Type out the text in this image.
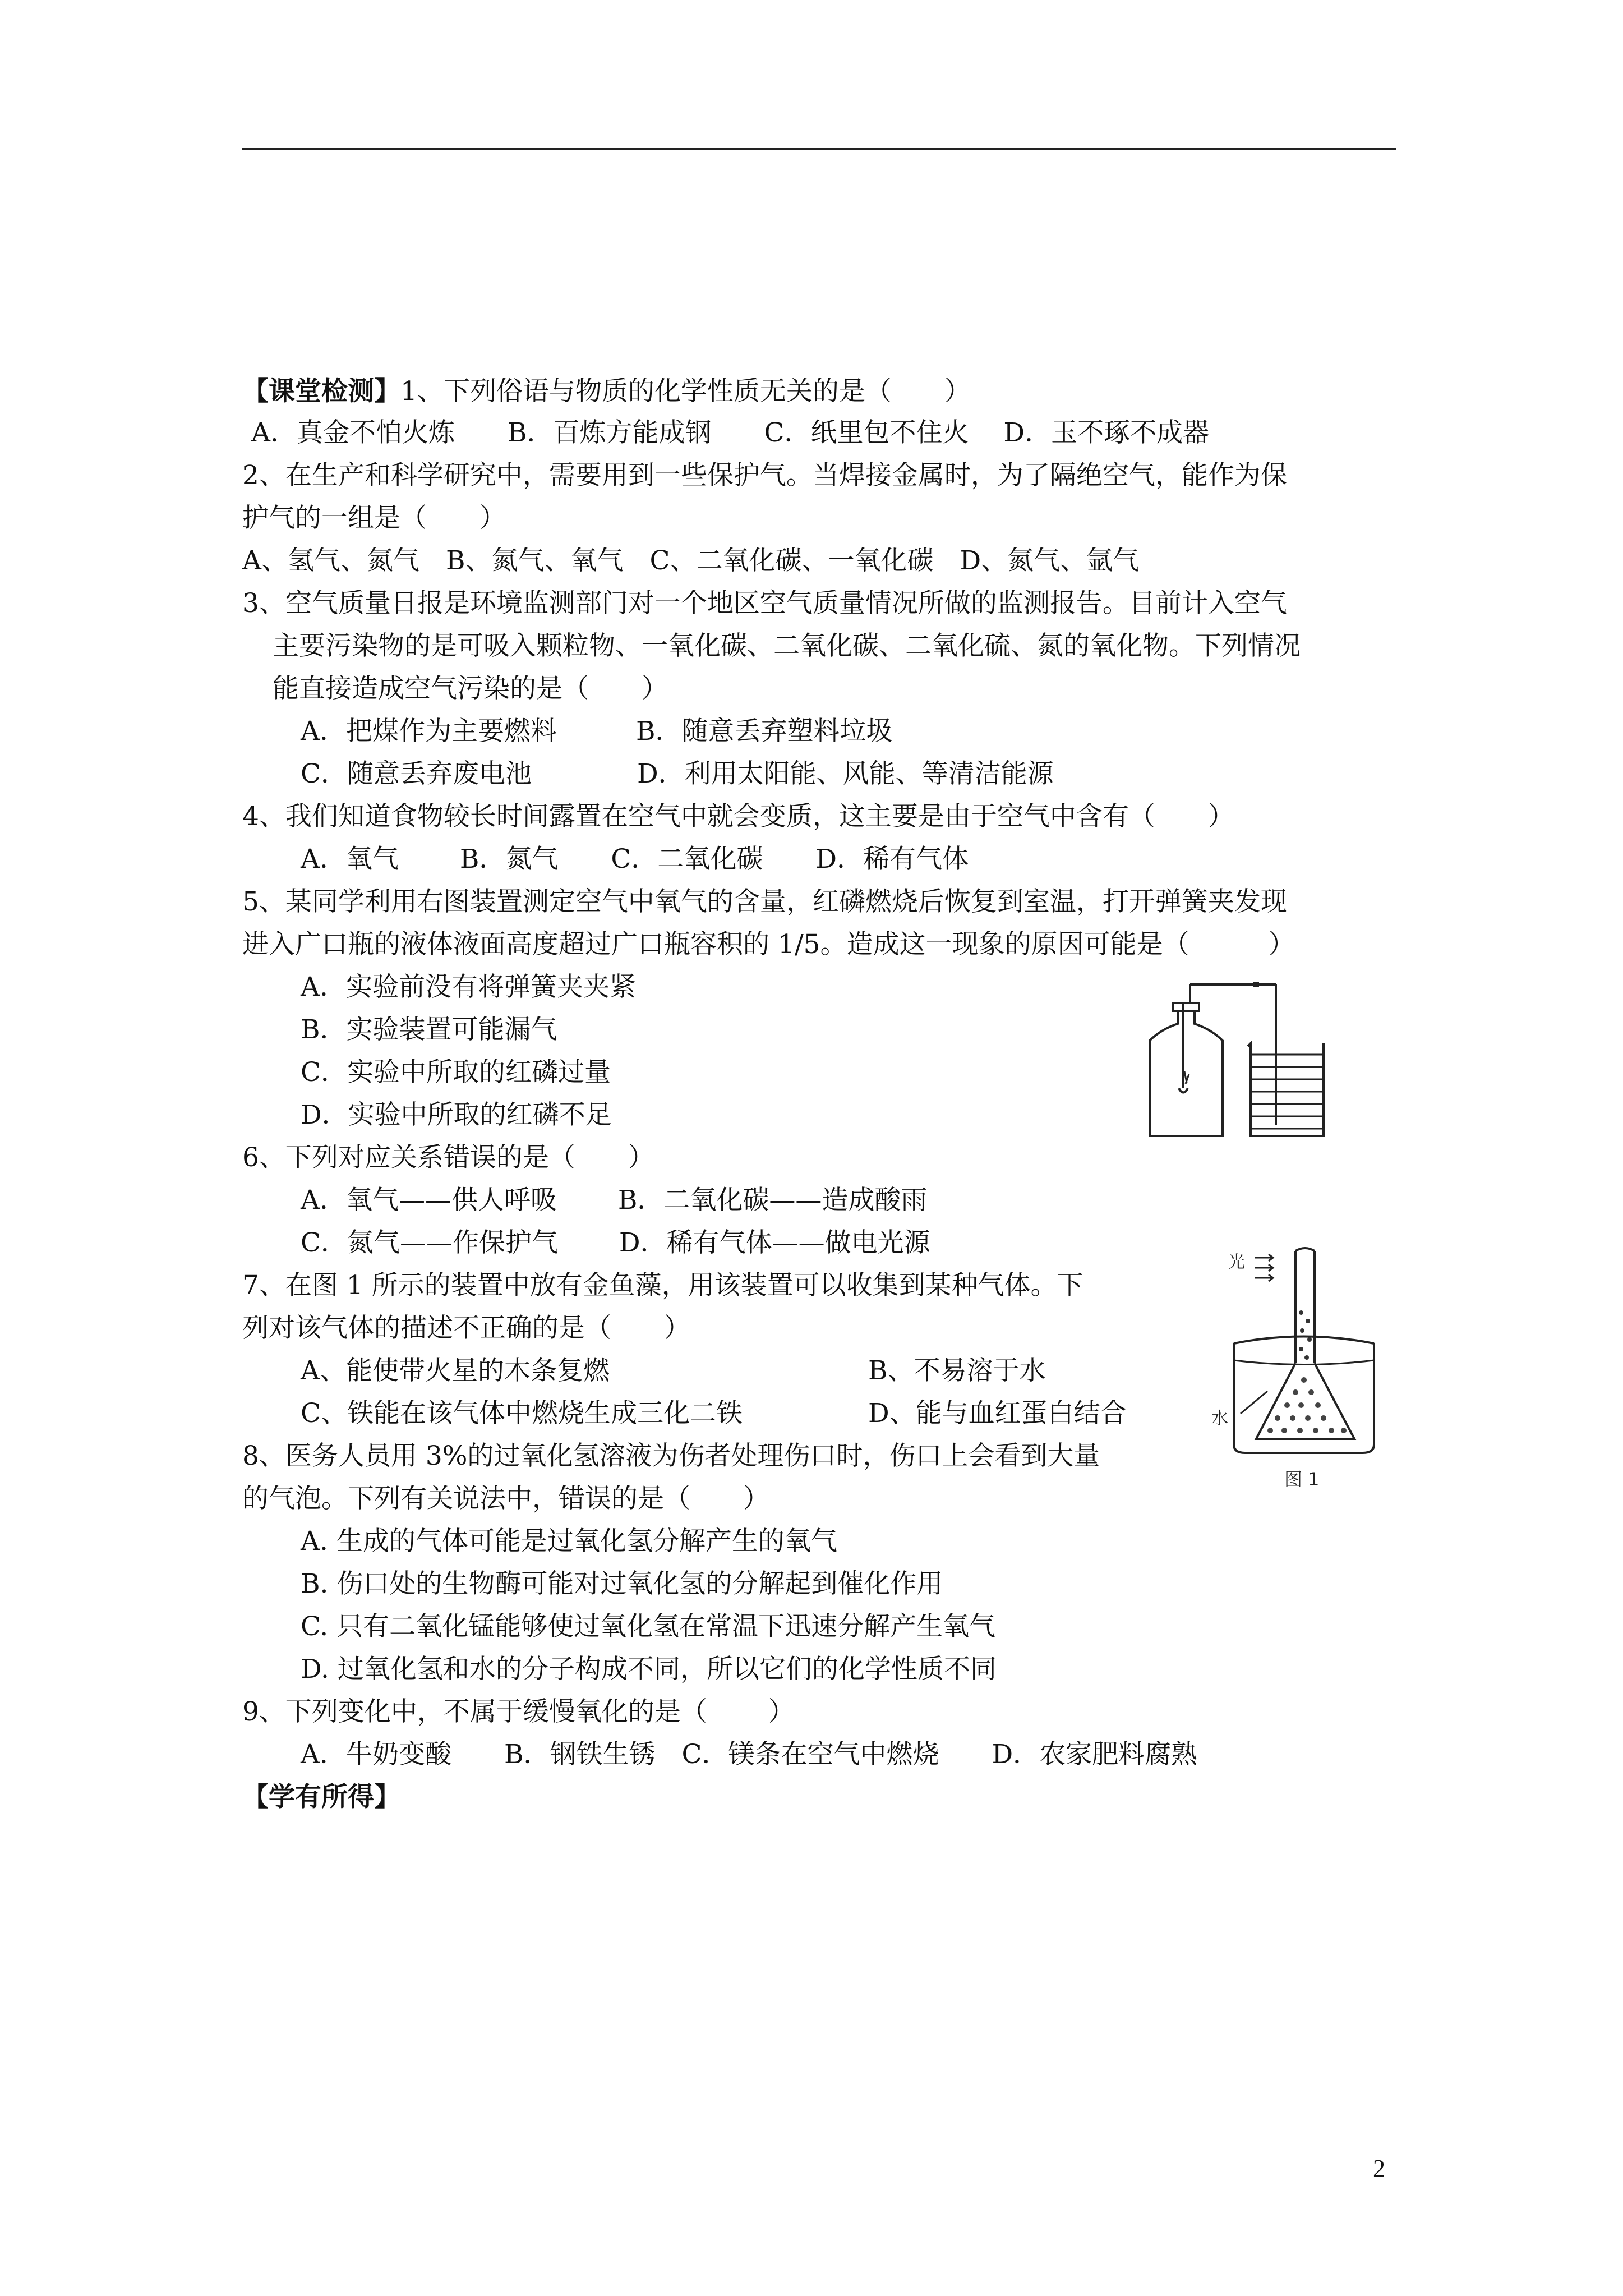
【课堂检测】1、下列俗语与物质的化学性质无关的是（　　）
A．真金不怕火炼　　B．百炼方能成钢　　C．纸里包不住火　 D．玉不琢不成器
2、在生产和科学研究中，需要用到一些保护气。当焊接金属时，为了隔绝空气，能作为保
护气的一组是（　　）
A、氢气、氮气　B、氮气、氧气　C、二氧化碳、一氧化碳　D、氮气、氩气
3、空气质量日报是环境监测部门对一个地区空气质量情况所做的监测报告。目前计入空气
主要污染物的是可吸入颗粒物、一氧化碳、二氧化碳、二氧化硫、氮的氧化物。下列情况
能直接造成空气污染的是（　　）
A．把煤作为主要燃料　　　B．随意丢弃塑料垃圾
C．随意丢弃废电池　　　　D．利用太阳能、风能、等清洁能源
4、我们知道食物较长时间露置在空气中就会变质，这主要是由于空气中含有（　　）
A．氧气　　 B．氮气　　C．二氧化碳　　D．稀有气体
5、某同学利用右图装置测定空气中氧气的含量，红磷燃烧后恢复到室温，打开弹簧夹发现
进入广口瓶的液体液面高度超过广口瓶容积的 1/5。造成这一现象的原因可能是（　　　）
A．实验前没有将弹簧夹夹紧
B．实验装置可能漏气
C．实验中所取的红磷过量
D．实验中所取的红磷不足
6、下列对应关系错误的是（　　）
A．氧气——供人呼吸　　 B．二氧化碳——造成酸雨
C．氮气——作保护气　　 D．稀有气体——做电光源
7、在图 1 所示的装置中放有金鱼藻，用该装置可以收集到某种气体。下
列对该气体的描述不正确的是（　　）
A、能使带火星的木条复燃	B、不易溶于水
C、铁能在该气体中燃烧生成三化二铁	D、能与血红蛋白结合
光
水
图 1
8、医务人员用 3%的过氧化氢溶液为伤者处理伤口时，伤口上会看到大量
的气泡。下列有关说法中，错误的是（　　）
A. 生成的气体可能是过氧化氢分解产生的氧气
B. 伤口处的生物酶可能对过氧化氢的分解起到催化作用
C. 只有二氧化锰能够使过氧化氢在常温下迅速分解产生氧气
D. 过氧化氢和水的分子构成不同，所以它们的化学性质不同
9、下列变化中，不属于缓慢氧化的是（　　 ）
A．牛奶变酸　　B．钢铁生锈　C．镁条在空气中燃烧　　D．农家肥料腐熟
【学有所得】
2
